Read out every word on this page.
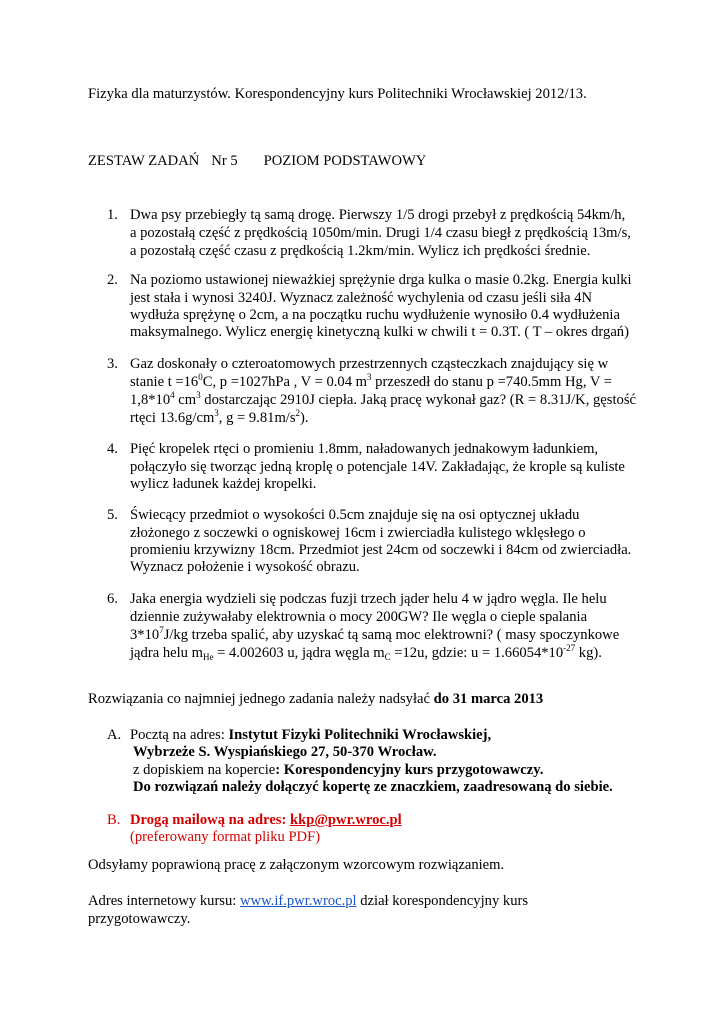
Fizyka dla maturzystów. Korespondencyjny kurs Politechniki Wrocławskiej 2012/13.
ZESTAW ZADAŃ Nr 5 POZIOM PODSTAWOWY
1. Dwa psy przebiegły tą samą drogę. Pierwszy 1/5 drogi przebył z prędkością 54km/h,
a pozostałą część z prędkością 1050m/min. Drugi 1/4 czasu biegł z prędkością 13m/s,
a pozostałą część czasu z prędkością 1.2km/min. Wylicz ich prędkości średnie.
2. Na poziomo ustawionej nieważkiej sprężynie drga kulka o masie 0.2kg. Energia kulki
jest stała i wynosi 3240J. Wyznacz zależność wychylenia od czasu jeśli siła 4N
wydłuża sprężynę o 2cm, a na początku ruchu wydłużenie wynosiło 0.4 wydłużenia
maksymalnego. Wylicz energię kinetyczną kulki w chwili t = 0.3T. ( T – okres drgań)
3. Gaz doskonały o czteroatomowych przestrzennych cząsteczkach znajdujący się w
stanie $t =16^0C$, p =1027hPa , V = 0.04 $m^3$ przeszedł do stanu p =740.5mm Hg, V =
$1,8*10^4$ $cm^3$ dostarczając 2910J ciepła. Jaką pracę wykonał gaz? (R = 8.31J/K, gęstość
rtęci $13.6g/cm^3$, $g = 9.81m/s^2$).
4. Pięć kropelek rtęci o promieniu 1.8mm, naładowanych jednakowym ładunkiem,
połączyło się tworząc jedną kroplę o potencjale 14V. Zakładając, że krople są kuliste
wylicz ładunek każdej kropelki.
5. Świecący przedmiot o wysokości 0.5cm znajduje się na osi optycznej układu
złożonego z soczewki o ogniskowej 16cm i zwierciadła kulistego wklęsłego o
promieniu krzywizny 18cm. Przedmiot jest 24cm od soczewki i 84cm od zwierciadła.
Wyznacz położenie i wysokość obrazu.
6. Jaka energia wydzieli się podczas fuzji trzech jąder helu 4 w jądro węgla. Ile helu
dziennie zużywałaby elektrownia o mocy 200GW? Ile węgla o cieple spalania
$3*10^7J/kg$ trzeba spalić, aby uzyskać tą samą moc elektrowni? ( masy spoczynkowe
jądra helu $m_{He} = 4.002603$ u, jądra węgla $m_C =12u$, gdzie: $u = 1.66054*10^{-27}$ kg).
Rozwiązania co najmniej jednego zadania należy nadsyłać do 31 marca 2013
A. Pocztą na adres: Instytut Fizyki Politechniki Wrocławskiej,
Wybrzeże S. Wyspiańskiego 27, 50-370 Wrocław.
z dopiskiem na kopercie: Korespondencyjny kurs przygotowawczy.
Do rozwiązań należy dołączyć kopertę ze znaczkiem, zaadresowaną do siebie.
B. Drogą mailową na adres: kkp@pwr.wroc.pl
(preferowany format pliku PDF)
Odsyłamy poprawioną pracę z załączonym wzorcowym rozwiązaniem.
Adres internetowy kursu: www.if.pwr.wroc.pl dział korespondencyjny kurs
przygotowawczy.
